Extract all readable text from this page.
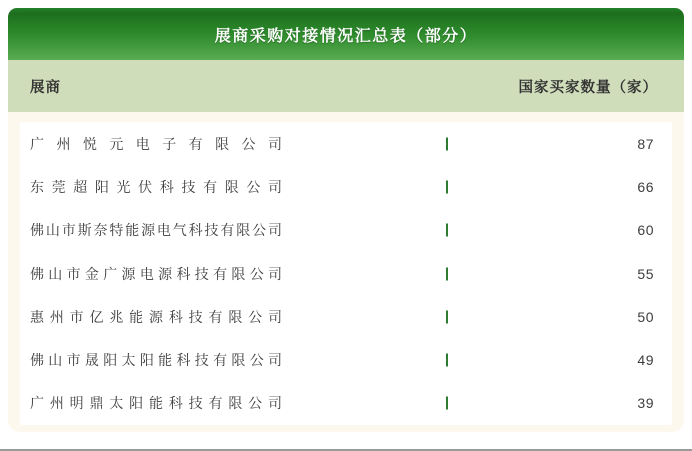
展商采购对接情况汇总表（部分）
展商	国家买家数量（家）
广州悦元电子有限公司	87
东莞超阳光伏科技有限公司	66
佛山市斯奈特能源电气科技有限公司	60
佛山市金广源电源科技有限公司	55
惠州市亿兆能源科技有限公司	50
佛山市晟阳太阳能科技有限公司	49
广州明鼎太阳能科技有限公司	39
